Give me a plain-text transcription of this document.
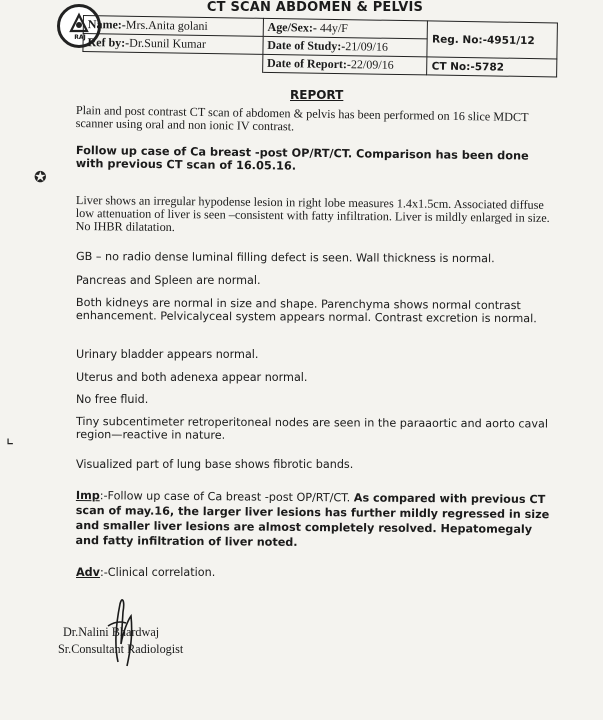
RAJ
CT SCAN ABDOMEN & PELVIS
Name:-Mrs.Anita golani	Age/Sex:- 44y/F	Reg. No:-4951/12
Ref by:-Dr.Sunil Kumar	Date of Study:-21/09/16	
	Date of Report:-22/09/16	CT No:-5782
REPORT
Plain and post contrast CT scan of abdomen & pelvis has been performed on 16 slice MDCT scanner using oral and non ionic IV contrast.
Follow up case of Ca breast -post OP/RT/CT. Comparison has been done with previous CT scan of 16.05.16.
Liver shows an irregular hypodense lesion in right lobe measures 1.4x1.5cm. Associated diffuse low attenuation of liver is seen –consistent with fatty infiltration. Liver is mildly enlarged in size. No IHBR dilatation.
GB – no radio dense luminal filling defect is seen. Wall thickness is normal.
Pancreas and Spleen are normal.
Both kidneys are normal in size and shape. Parenchyma shows normal contrast enhancement. Pelvicalyceal system appears normal. Contrast excretion is normal.
Urinary bladder appears normal.
Uterus and both adenexa appear normal.
No free fluid.
Tiny subcentimeter retroperitoneal nodes are seen in the paraaortic and aorto caval region—reactive in nature.
Visualized part of lung base shows fibrotic bands.
Imp:-Follow up case of Ca breast -post OP/RT/CT. As compared with previous CT scan of may.16, the larger liver lesions has further mildly regressed in size and smaller liver lesions are almost completely resolved. Hepatomegaly and fatty infiltration of liver noted.
Adv:-Clinical correlation.
Dr.Nalini Bhardwaj
Sr.Consultant Radiologist
✪
⌞
